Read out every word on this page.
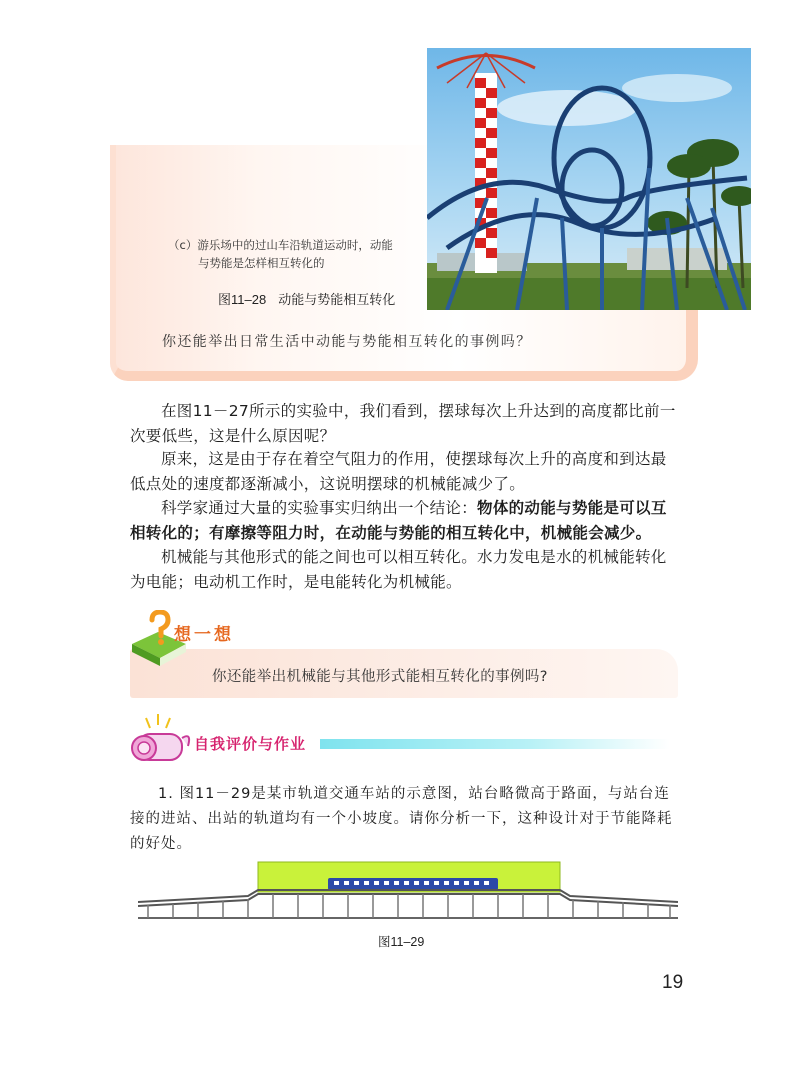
（c）游乐场中的过山车沿轨道运动时，动能
与势能是怎样相互转化的
图11–28 动能与势能相互转化
你还能举出日常生活中动能与势能相互转化的事例吗？
在图11－27所示的实验中，我们看到，摆球每次上升达到的高度都比前一次要低些，这是什么原因呢？
原来，这是由于存在着空气阻力的作用，使摆球每次上升的高度和到达最低点处的速度都逐渐减小，这说明摆球的机械能减少了。
科学家通过大量的实验事实归纳出一个结论：物体的动能与势能是可以互相转化的；有摩擦等阻力时，在动能与势能的相互转化中，机械能会减少。
机械能与其他形式的能之间也可以相互转化。水力发电是水的机械能转化为电能；电动机工作时，是电能转化为机械能。
想一想
你还能举出机械能与其他形式能相互转化的事例吗?
自我评价与作业
1. 图11－29是某市轨道交通车站的示意图，站台略微高于路面，与站台连接的进站、出站的轨道均有一个小坡度。请你分析一下，这种设计对于节能降耗的好处。
图11–29
19
